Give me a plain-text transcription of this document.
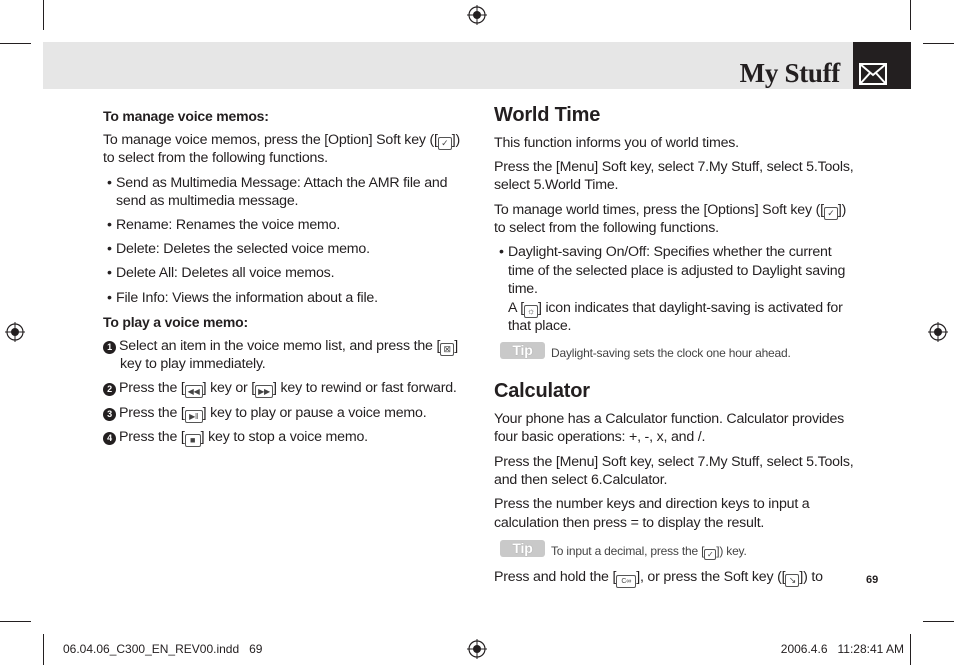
My Stuff
To manage voice memos:
To manage voice memos, press the [Option] Soft key ([ ✓ ])
to select from the following functions.
• Send as Multimedia Message: Attach the AMR file and
send as multimedia message.
• Rename: Renames the voice memo.
• Delete: Deletes the selected voice memo.
• Delete All: Deletes all voice memos.
• File Info: Views the information about a file.
To play a voice memo:
1 Select an item in the voice memo list, and press the [ ⊠ ]
key to play immediately.
2 Press the [ ◀◀ ] key or [ ▶▶ ] key to rewind or fast forward.
3 Press the [ ▶‖ ] key to play or pause a voice memo.
4 Press the [ ■ ] key to stop a voice memo.
World Time
This function informs you of world times.
Press the [Menu] Soft key, select 7.My Stuff, select 5.Tools,
select 5.World Time.
To manage world times, press the [Options] Soft key ([ ✓ ])
to select from the following functions.
• Daylight-saving On/Off: Specifies whether the current
time of the selected place is adjusted to Daylight saving
time.
A [ ☼ ] icon indicates that daylight-saving is activated for
that place.
Tip	Daylight-saving sets the clock one hour ahead.
Calculator
Your phone has a Calculator function. Calculator provides
four basic operations: +, -, x, and /.
Press the [Menu] Soft key, select 7.My Stuff, select 5.Tools,
and then select 6.Calculator.
Press the number keys and direction keys to input a
calculation then press = to display the result.
Tip	To input a decimal, press the [ ✓ ]) key.
Press and hold the [ C∞ ], or press the Soft key ([ ↘ ]) to	69
06.04.06_C300_EN_REV00.indd   69	2006.4.6   11:28:41 AM
